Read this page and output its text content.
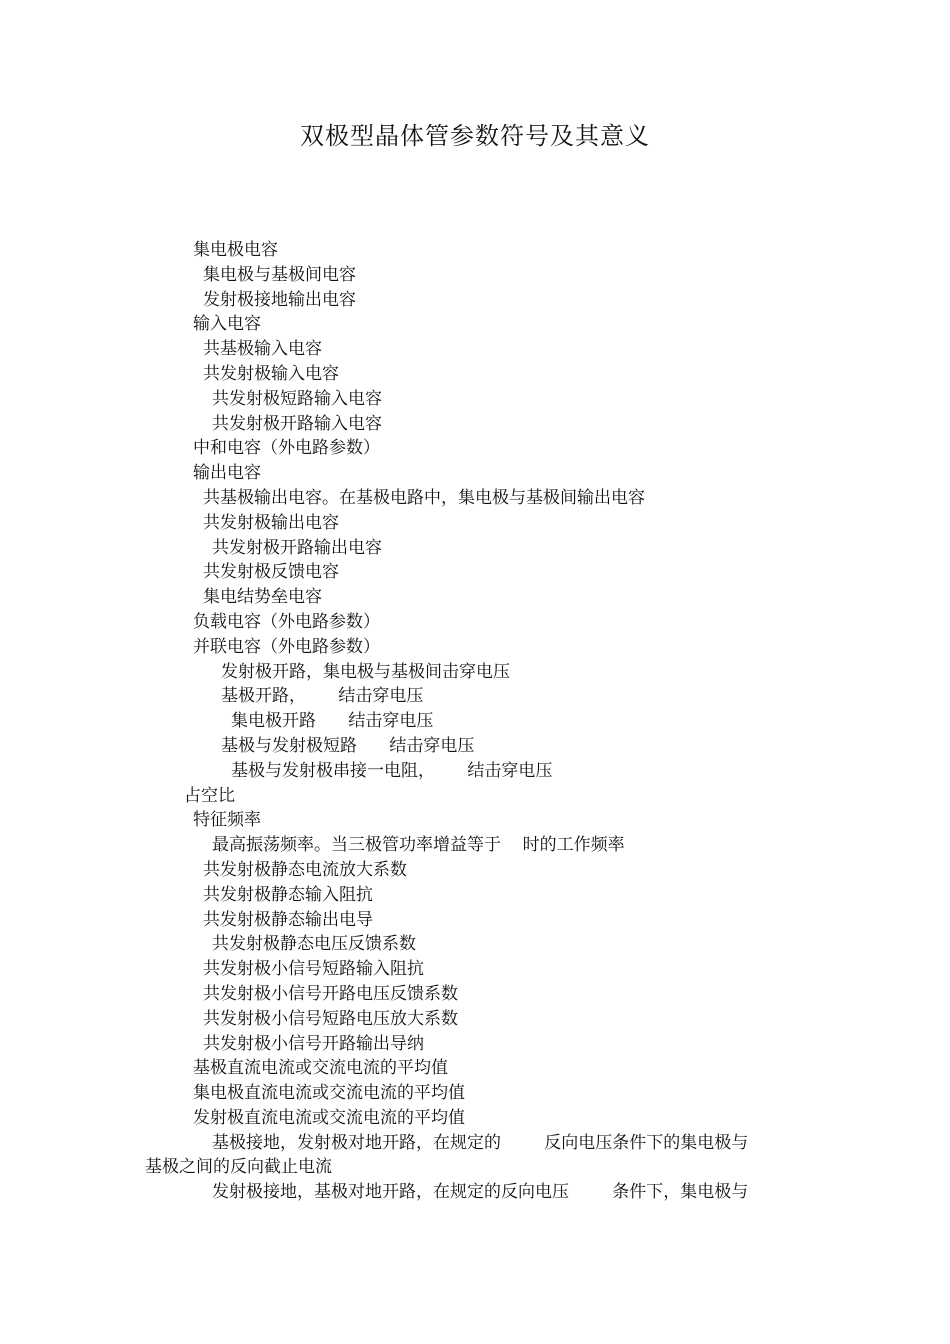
双极型晶体管参数符号及其意义
集电极电容
集电极与基极间电容
发射极接地输出电容
输入电容
共基极输入电容
共发射极输入电容
共发射极短路输入电容
共发射极开路输入电容
中和电容（外电路参数）
输出电容
共基极输出电容。在基极电路中，集电极与基极间输出电容
共发射极输出电容
共发射极开路输出电容
共发射极反馈电容
集电结势垒电容
负载电容（外电路参数）
并联电容（外电路参数）
发射极开路，集电极与基极间击穿电压
基极开路，      结击穿电压
集电极开路      结击穿电压
基极与发射极短路      结击穿电压
基极与发射极串接一电阻，      结击穿电压
占空比
特征频率
最高振荡频率。当三极管功率增益等于    时的工作频率
共发射极静态电流放大系数
共发射极静态输入阻抗
共发射极静态输出电导
共发射极静态电压反馈系数
共发射极小信号短路输入阻抗
共发射极小信号开路电压反馈系数
共发射极小信号短路电压放大系数
共发射极小信号开路输出导纳
基极直流电流或交流电流的平均值
集电极直流电流或交流电流的平均值
发射极直流电流或交流电流的平均值
基极接地，发射极对地开路，在规定的        反向电压条件下的集电极与
基极之间的反向截止电流
发射极接地，基极对地开路，在规定的反向电压        条件下，集电极与
